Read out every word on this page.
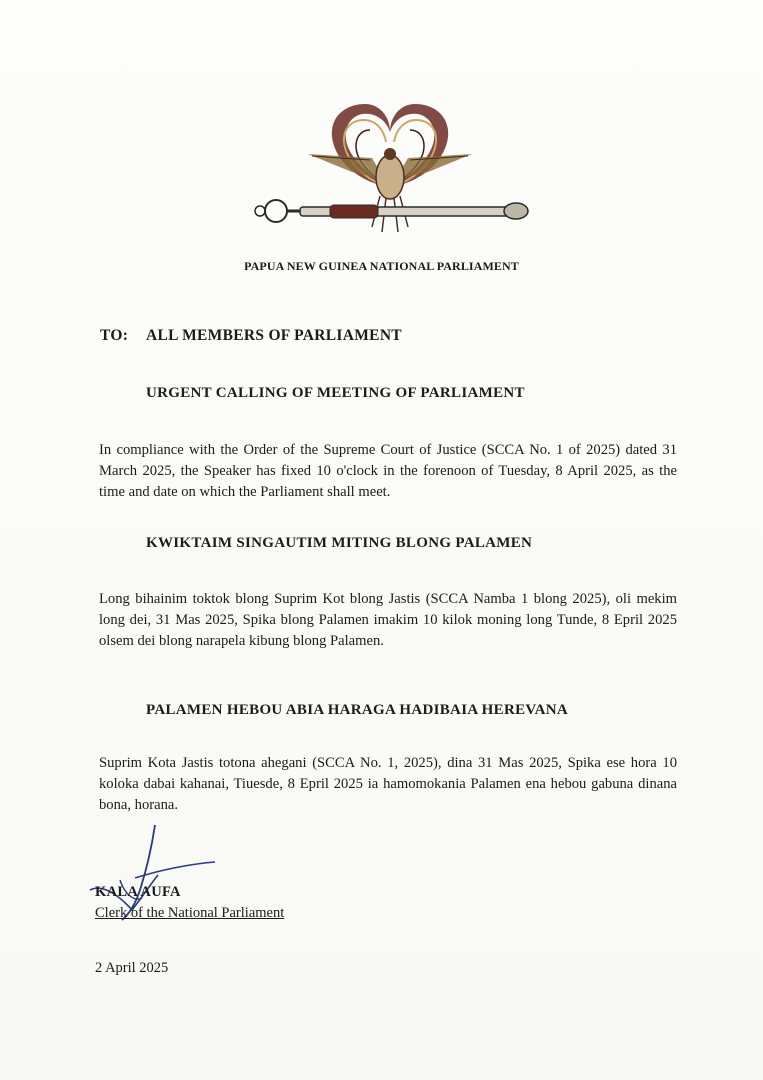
PAPUA NEW GUINEA NATIONAL PARLIAMENT
TO: ALL MEMBERS OF PARLIAMENT
URGENT CALLING OF MEETING OF PARLIAMENT
In compliance with the Order of the Supreme Court of Justice (SCCA No. 1 of 2025) dated 31 March 2025, the Speaker has fixed 10 o'clock in the forenoon of Tuesday, 8 April 2025, as the time and date on which the Parliament shall meet.
KWIKTAIM SINGAUTIM MITING BLONG PALAMEN
Long bihainim toktok blong Suprim Kot blong Jastis (SCCA Namba 1 blong 2025), oli mekim long dei, 31 Mas 2025, Spika blong Palamen imakim 10 kilok moning long Tunde, 8 Epril 2025 olsem dei blong narapela kibung blong Palamen.
PALAMEN HEBOU ABIA HARAGA HADIBAIA HEREVANA
Suprim Kota Jastis totona ahegani (SCCA No. 1, 2025), dina 31 Mas 2025, Spika ese hora 10 koloka dabai kahanai, Tiuesde, 8 Epril 2025 ia hamomokania Palamen ena hebou gabuna dinana bona, horana.
KALA AUFA
Clerk of the National Parliament
2 April 2025
